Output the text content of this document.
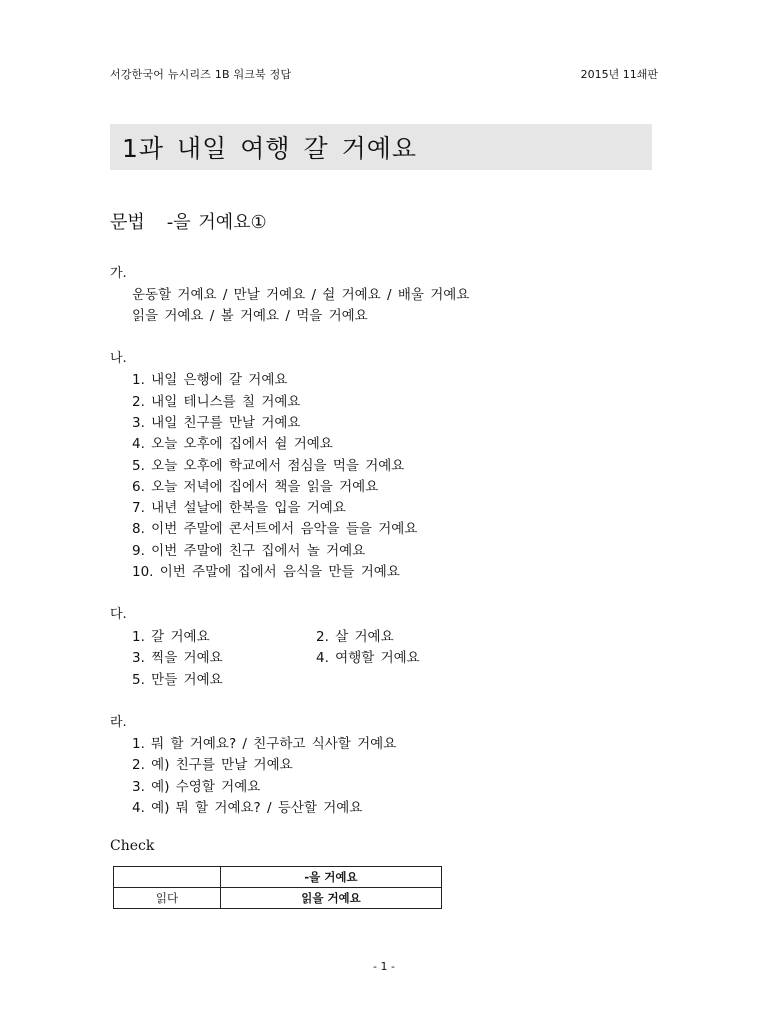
서강한국어 뉴시리즈 1B 워크북 정답	2015년 11쇄판
1과 내일 여행 갈 거예요
문법 -을 거예요①
가.
운동할 거예요 / 만날 거예요 / 쉴 거예요 / 배울 거예요
읽을 거예요 / 볼 거예요 / 먹을 거예요
나.
1. 내일 은행에 갈 거예요
2. 내일 테니스를 칠 거예요
3. 내일 친구를 만날 거예요
4. 오늘 오후에 집에서 쉴 거예요
5. 오늘 오후에 학교에서 점심을 먹을 거예요
6. 오늘 저녁에 집에서 책을 읽을 거예요
7. 내년 설날에 한복을 입을 거예요
8. 이번 주말에 콘서트에서 음악을 들을 거예요
9. 이번 주말에 친구 집에서 놀 거예요
10. 이번 주말에 집에서 음식을 만들 거예요
다.
1. 갈 거예요	2. 살 거예요
3. 찍을 거예요	4. 여행할 거예요
5. 만들 거예요
라.
1. 뭐 할 거예요? / 친구하고 식사할 거예요
2. 예) 친구를 만날 거예요
3. 예) 수영할 거예요
4. 예) 뭐 할 거예요? / 등산할 거예요
Check
	-을 거예요
읽다	읽을 거예요
- 1 -
